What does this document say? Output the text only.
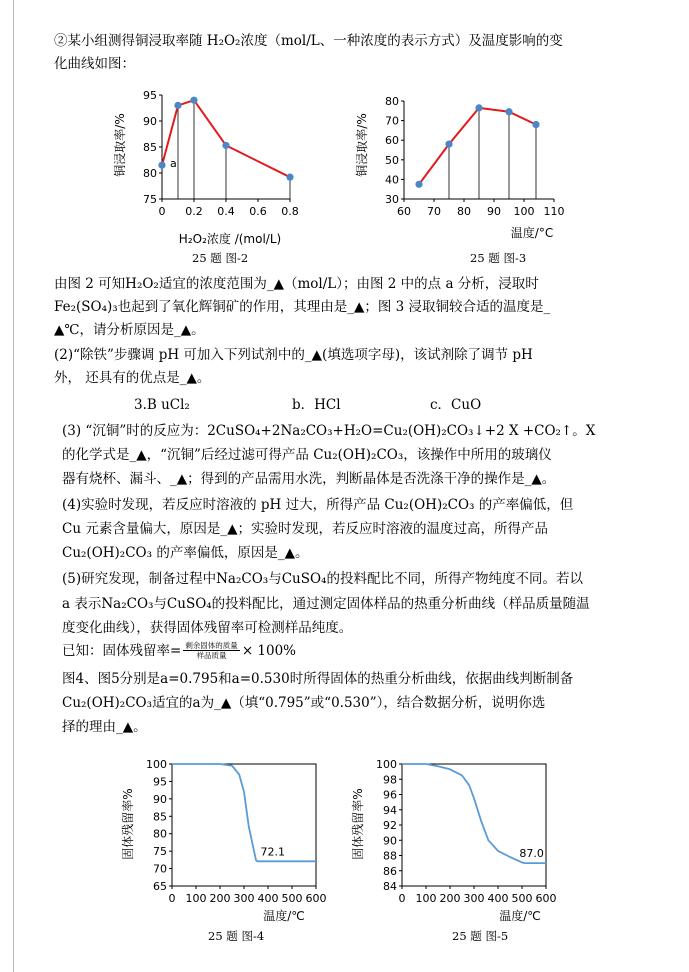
②某小组测得铜浸取率随 H₂O₂浓度（mol/L、一种浓度的表示方式）及温度影响的变
化曲线如图：
75
80
85
90
95
0 0.2 0.4 0.6 0.8
a
H₂O₂浓度 /(mol/L)
铜浸取率/%
25 题 图-2
30
40
50
60
70
80
60 70 80 90 100 110
温度/°C
铜浸取率/%
25 题 图-3
由图 2 可知H₂O₂适宜的浓度范围为_▲（mol/L）；由图 2 中的点 a 分析，浸取时
Fe₂(SO₄)₃也起到了氧化辉铜矿的作用，其理由是_▲；图 3 浸取铜较合适的温度是_
▲℃，请分析原因是_▲。
(2)“除铁”步骤调 pH 可加入下列试剂中的_▲(填选项字母)，该试剂除了调节 pH
外， 还具有的优点是_▲。
3.B uCl₂	b．HCl	c．CuO
(3) “沉铜”时的反应为：2CuSO₄+2Na₂CO₃+H₂O=Cu₂(OH)₂CO₃↓+2 X +CO₂↑。X
的化学式是_▲，“沉铜”后经过滤可得产品 Cu₂(OH)₂CO₃，该操作中所用的玻璃仪
器有烧杯、漏斗、_▲；得到的产品需用水洗，判断晶体是否洗涤干净的操作是_▲。
(4)实验时发现，若反应时溶液的 pH 过大，所得产品 Cu₂(OH)₂CO₃ 的产率偏低，但
Cu 元素含量偏大，原因是_▲；实验时发现，若反应时溶液的温度过高，所得产品
Cu₂(OH)₂CO₃ 的产率偏低，原因是_▲。
(5)研究发现，制备过程中Na₂CO₃与CuSO₄的投料配比不同，所得产物纯度不同。若以
a 表示Na₂CO₃与CuSO₄的投料配比，通过测定固体样品的热重分析曲线（样品质量随温
度变化曲线），获得固体残留率可检测样品纯度。
已知：固体残留率= $\frac{\text{剩余固体的质量}}{\text{样品质量}} \times 100\%$
图4、图5分别是a=0.795和a=0.530时所得固体的热重分析曲线，依据曲线判断制备
Cu₂(OH)₂CO₃适宜的a为_▲（填“0.795”或“0.530”），结合数据分析，说明你选
择的理由_▲。
65
70
75
80
85
90
95
100
0 100 200 300 400 500 600
72.1
温度/℃
固体残留率%
25 题 图-4
84
86
88
90
92
94
96
98
100
0 100 200 300 400 500 600
87.0
温度/℃
固体残留率%
25 题 图-5
